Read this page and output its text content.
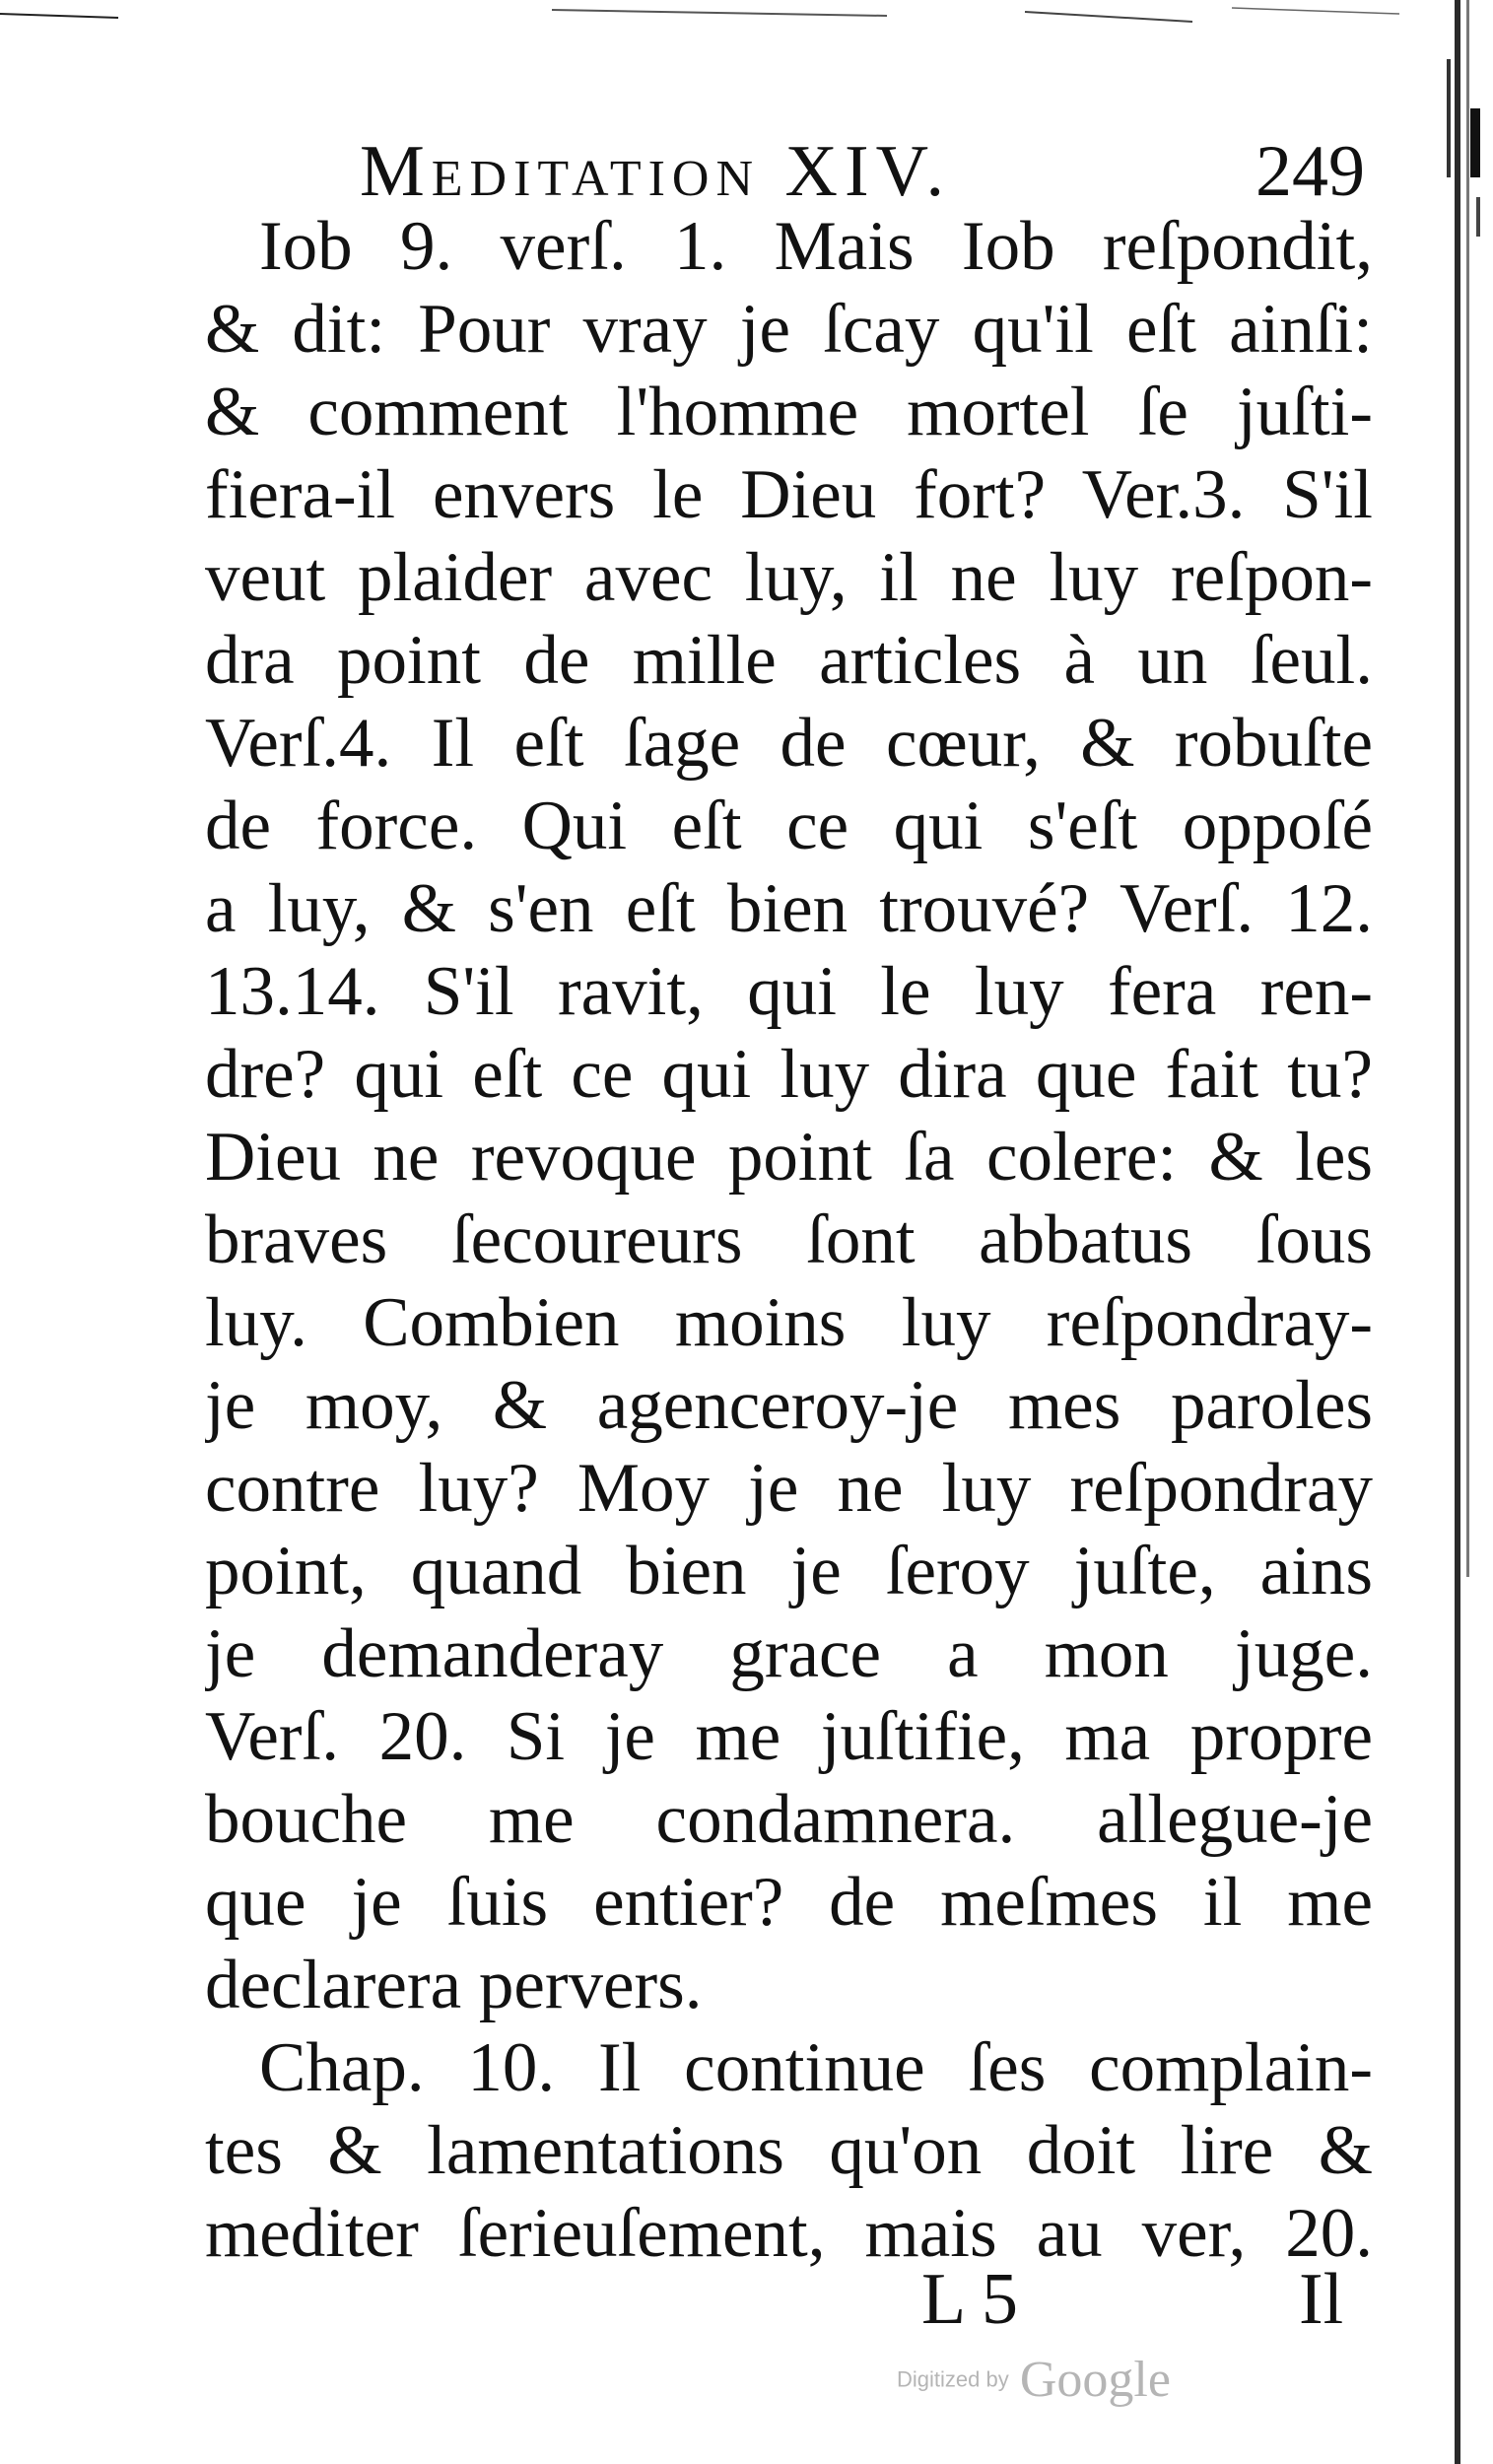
Meditation XIV.	249
Iob 9. verſ. 1. Mais Iob reſpondit,
& dit: Pour vray je ſcay qu'il eſt ainſi:
& comment l'homme mortel ſe juſti-
fiera-il envers le Dieu fort? Ver.3. S'il
veut plaider avec luy, il ne luy reſpon-
dra point de mille articles à un ſeul.
Verſ.4. Il eſt ſage de cœur, & robuſte
de force. Qui eſt ce qui s'eſt oppoſé
a luy, & s'en eſt bien trouvé? Verſ. 12.
13.14. S'il ravit, qui le luy fera ren-
dre? qui eſt ce qui luy dira que fait tu?
Dieu ne revoque point ſa colere: & les
braves ſecoureurs ſont abbatus ſous
luy. Combien moins luy reſpondray-
je moy, & agenceroy-je mes paroles
contre luy? Moy je ne luy reſpondray
point, quand bien je ſeroy juſte, ains
je demanderay grace a mon juge.
Verſ. 20. Si je me juſtifie, ma propre
bouche me condamnera. allegue-je
que je ſuis entier? de meſmes il me
declarera pervers.
Chap. 10. Il continue ſes complain-
tes & lamentations qu'on doit lire &
mediter ſerieuſement, mais au ver, 20.
L 5	Il
Digitized by Google
